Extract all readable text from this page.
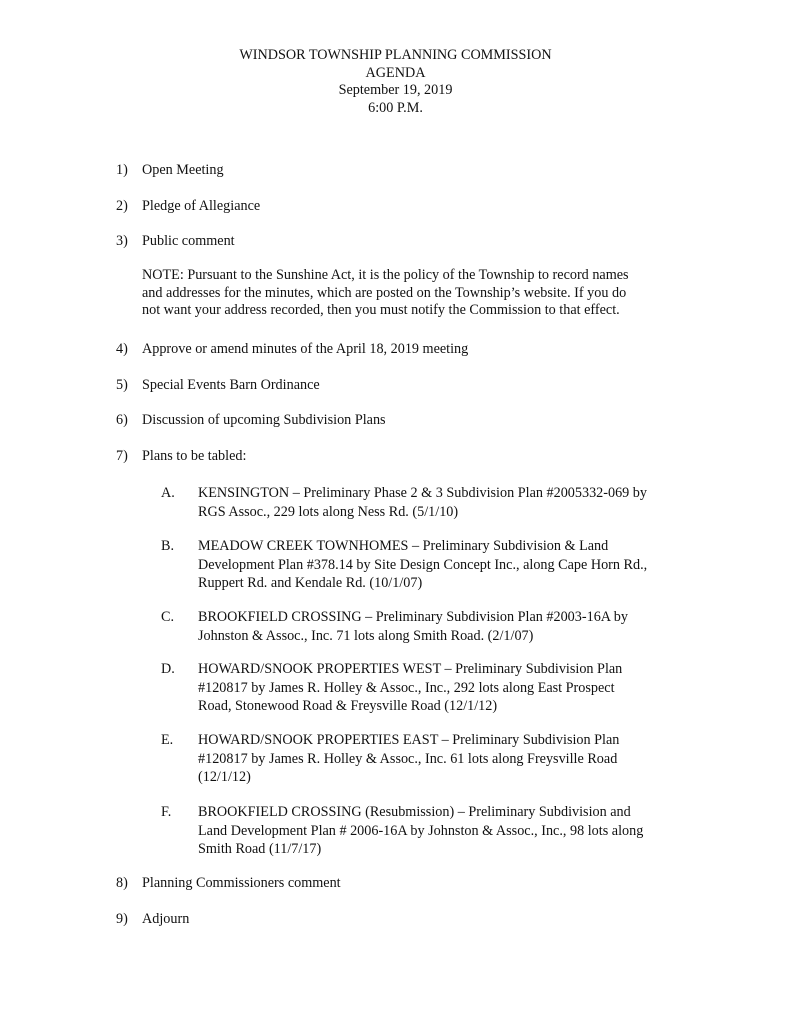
WINDSOR TOWNSHIP PLANNING COMMISSION
AGENDA
September 19, 2019
6:00 P.M.
1) Open Meeting
2) Pledge of Allegiance
3) Public comment
NOTE: Pursuant to the Sunshine Act, it is the policy of the Township to record names
and addresses for the minutes, which are posted on the Township’s website. If you do
not want your address recorded, then you must notify the Commission to that effect.
4) Approve or amend minutes of the April 18, 2019 meeting
5) Special Events Barn Ordinance
6) Discussion of upcoming Subdivision Plans
7) Plans to be tabled:
A. KENSINGTON – Preliminary Phase 2 & 3 Subdivision Plan #2005332-069 by
RGS Assoc., 229 lots along Ness Rd. (5/1/10)
B. MEADOW CREEK TOWNHOMES – Preliminary Subdivision & Land
Development Plan #378.14 by Site Design Concept Inc., along Cape Horn Rd.,
Ruppert Rd. and Kendale Rd. (10/1/07)
C. BROOKFIELD CROSSING – Preliminary Subdivision Plan #2003-16A by
Johnston & Assoc., Inc. 71 lots along Smith Road. (2/1/07)
D. HOWARD/SNOOK PROPERTIES WEST – Preliminary Subdivision Plan
#120817 by James R. Holley & Assoc., Inc., 292 lots along East Prospect
Road, Stonewood Road & Freysville Road (12/1/12)
E. HOWARD/SNOOK PROPERTIES EAST – Preliminary Subdivision Plan
#120817 by James R. Holley & Assoc., Inc. 61 lots along Freysville Road
(12/1/12)
F. BROOKFIELD CROSSING (Resubmission) – Preliminary Subdivision and
Land Development Plan # 2006-16A by Johnston & Assoc., Inc., 98 lots along
Smith Road (11/7/17)
8) Planning Commissioners comment
9) Adjourn
